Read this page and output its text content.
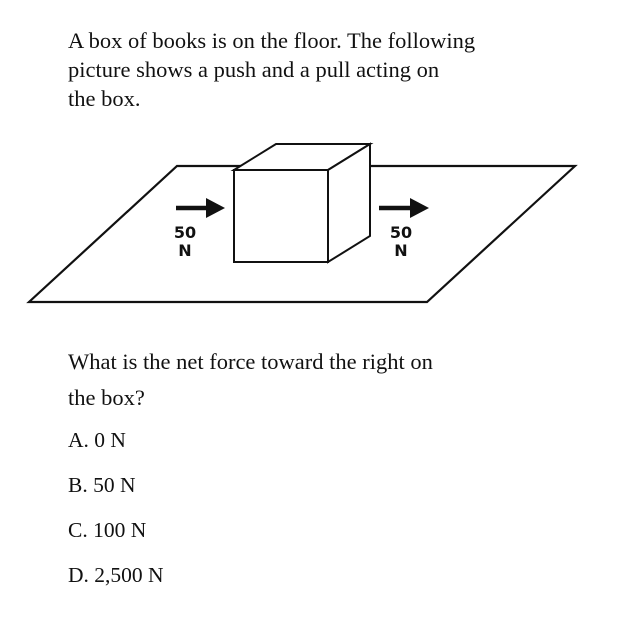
A box of books is on the floor. The following
picture shows a push and a pull acting on
the box.
50
N
50
N
What is the net force toward the right on
the box?
A. 0 N
B. 50 N
C. 100 N
D. 2,500 N
